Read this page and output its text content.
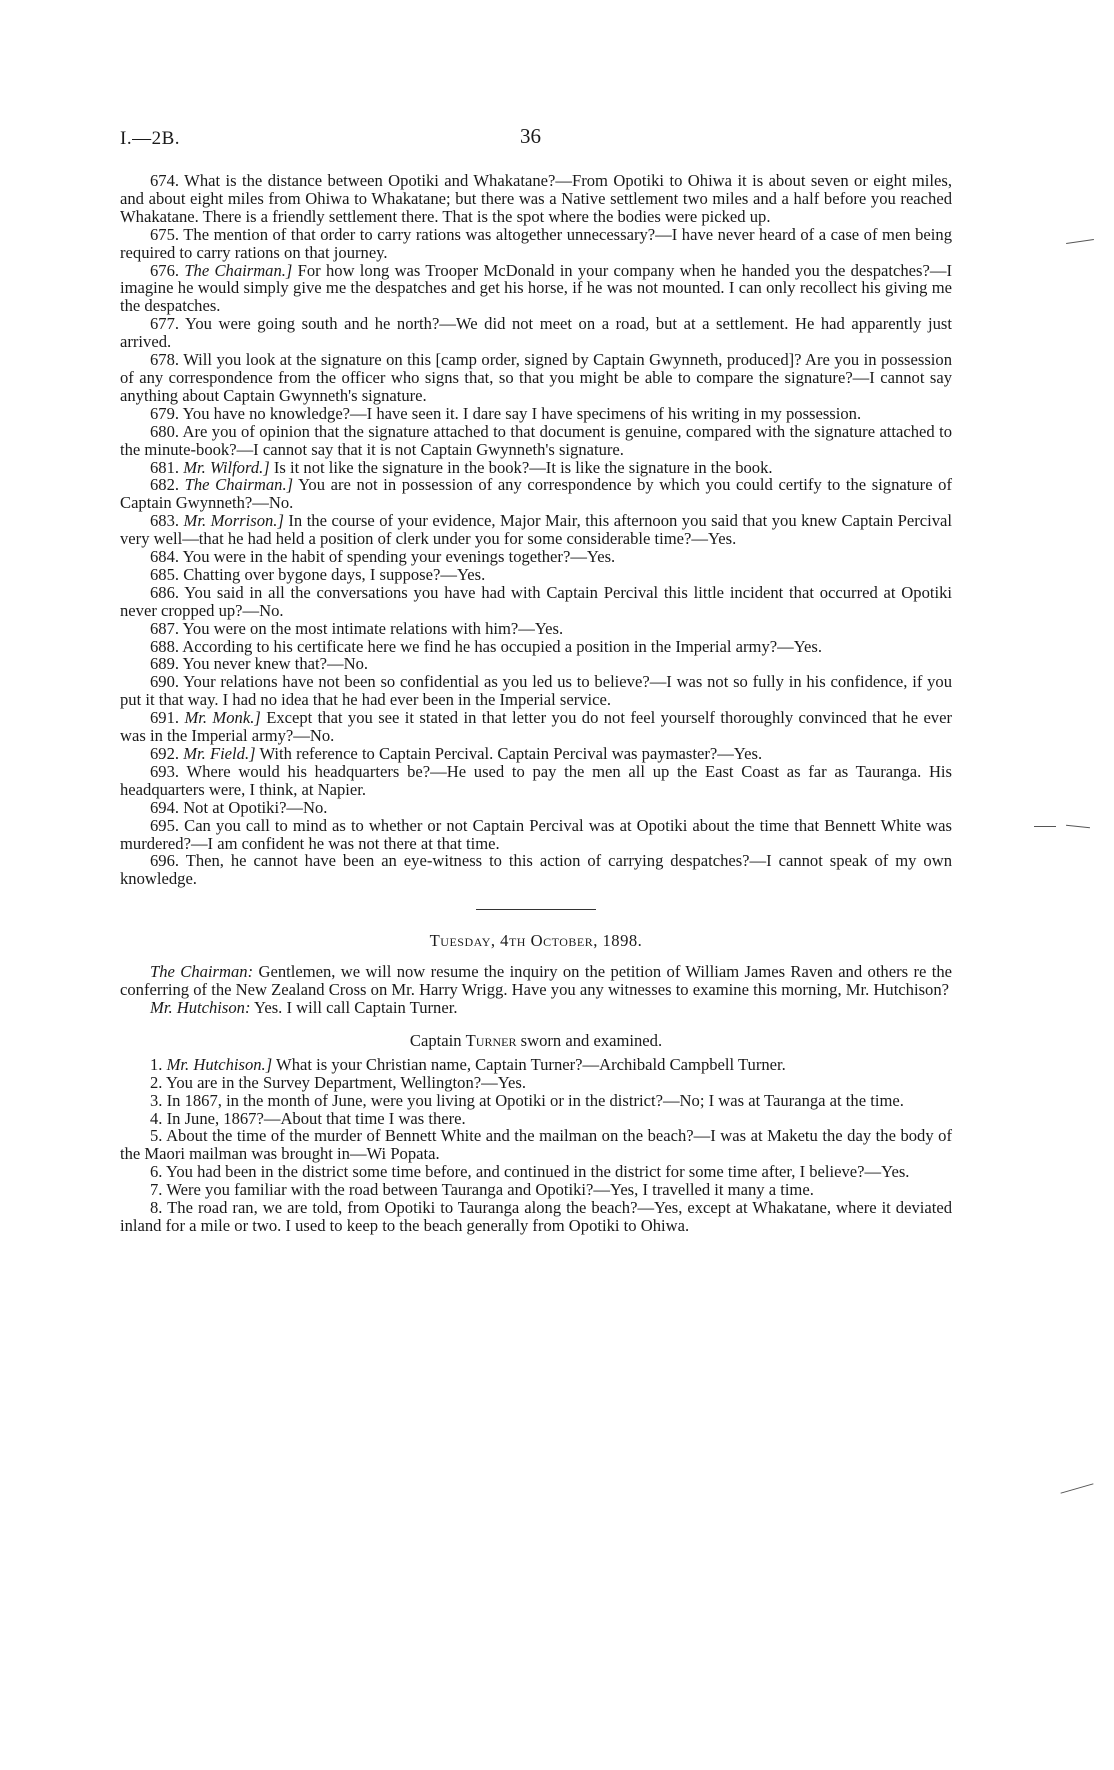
I.—2B.	36

674. What is the distance between Opotiki and Whakatane?—From Opotiki to Ohiwa it is about seven or eight miles, and about eight miles from Ohiwa to Whakatane; but there was a Native settlement two miles and a half before you reached Whakatane. There is a friendly settlement there. That is the spot where the bodies were picked up.

675. The mention of that order to carry rations was altogether unnecessary?—I have never heard of a case of men being required to carry rations on that journey.

676. The Chairman.] For how long was Trooper McDonald in your company when he handed you the despatches?—I imagine he would simply give me the despatches and get his horse, if he was not mounted. I can only recollect his giving me the despatches.

677. You were going south and he north?—We did not meet on a road, but at a settlement. He had apparently just arrived.

678. Will you look at the signature on this [camp order, signed by Captain Gwynneth, produced]? Are you in possession of any correspondence from the officer who signs that, so that you might be able to compare the signature?—I cannot say anything about Captain Gwynneth's signature.

679. You have no knowledge?—I have seen it. I dare say I have specimens of his writing in my possession.

680. Are you of opinion that the signature attached to that document is genuine, compared with the signature attached to the minute-book?—I cannot say that it is not Captain Gwynneth's signature.

681. Mr. Wilford.] Is it not like the signature in the book?—It is like the signature in the book.

682. The Chairman.] You are not in possession of any correspondence by which you could certify to the signature of Captain Gwynneth?—No.

683. Mr. Morrison.] In the course of your evidence, Major Mair, this afternoon you said that you knew Captain Percival very well—that he had held a position of clerk under you for some considerable time?—Yes.

684. You were in the habit of spending your evenings together?—Yes.

685. Chatting over bygone days, I suppose?—Yes.

686. You said in all the conversations you have had with Captain Percival this little incident that occurred at Opotiki never cropped up?—No.

687. You were on the most intimate relations with him?—Yes.

688. According to his certificate here we find he has occupied a position in the Imperial army?—Yes.

689. You never knew that?—No.

690. Your relations have not been so confidential as you led us to believe?—I was not so fully in his confidence, if you put it that way. I had no idea that he had ever been in the Imperial service.

691. Mr. Monk.] Except that you see it stated in that letter you do not feel yourself thoroughly convinced that he ever was in the Imperial army?—No.

692. Mr. Field.] With reference to Captain Percival. Captain Percival was paymaster?—Yes.

693. Where would his headquarters be?—He used to pay the men all up the East Coast as far as Tauranga. His headquarters were, I think, at Napier.

694. Not at Opotiki?—No.

695. Can you call to mind as to whether or not Captain Percival was at Opotiki about the time that Bennett White was murdered?—I am confident he was not there at that time.

696. Then, he cannot have been an eye-witness to this action of carrying despatches?—I cannot speak of my own knowledge.

Tuesday, 4th October, 1898.

The Chairman: Gentlemen, we will now resume the inquiry on the petition of William James Raven and others re the conferring of the New Zealand Cross on Mr. Harry Wrigg. Have you any witnesses to examine this morning, Mr. Hutchison?

Mr. Hutchison: Yes. I will call Captain Turner.

Captain Turner sworn and examined.

1. Mr. Hutchison.] What is your Christian name, Captain Turner?—Archibald Campbell Turner.

2. You are in the Survey Department, Wellington?—Yes.

3. In 1867, in the month of June, were you living at Opotiki or in the district?—No; I was at Tauranga at the time.

4. In June, 1867?—About that time I was there.

5. About the time of the murder of Bennett White and the mailman on the beach?—I was at Maketu the day the body of the Maori mailman was brought in—Wi Popata.

6. You had been in the district some time before, and continued in the district for some time after, I believe?—Yes.

7. Were you familiar with the road between Tauranga and Opotiki?—Yes, I travelled it many a time.

8. The road ran, we are told, from Opotiki to Tauranga along the beach?—Yes, except at Whakatane, where it deviated inland for a mile or two. I used to keep to the beach generally from Opotiki to Ohiwa.
